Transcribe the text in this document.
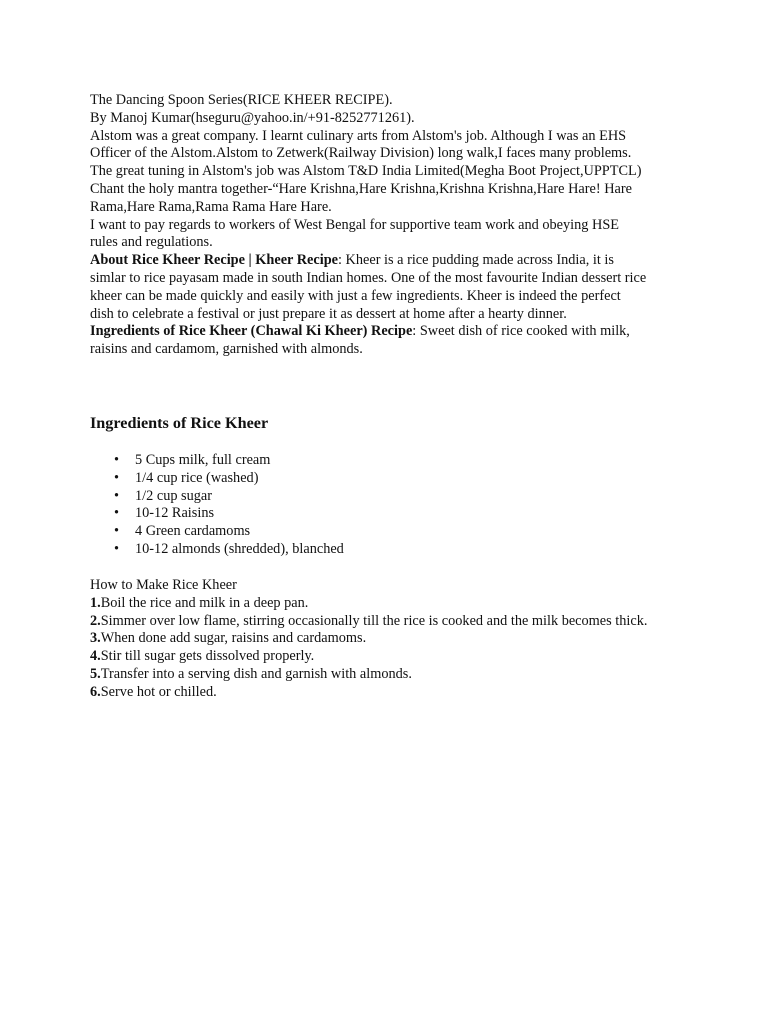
The Dancing Spoon Series(RICE KHEER RECIPE).
By Manoj Kumar(hseguru@yahoo.in/+91-8252771261).
Alstom was a great company. I learnt culinary arts from Alstom's job. Although I was an EHS
Officer of the Alstom.Alstom to Zetwerk(Railway Division) long walk,I faces many problems.
The great tuning in Alstom's job was Alstom T&D India Limited(Megha Boot Project,UPPTCL)
Chant the holy mantra together-“Hare Krishna,Hare Krishna,Krishna Krishna,Hare Hare! Hare
Rama,Hare Rama,Rama Rama Hare Hare.
I want to pay regards to workers of West Bengal for supportive team work and obeying HSE
rules and regulations.
About Rice Kheer Recipe | Kheer Recipe: Kheer is a rice pudding made across India, it is
simlar to rice payasam made in south Indian homes. One of the most favourite Indian dessert rice
kheer can be made quickly and easily with just a few ingredients. Kheer is indeed the perfect
dish to celebrate a festival or just prepare it as dessert at home after a hearty dinner.
Ingredients of Rice Kheer (Chawal Ki Kheer) Recipe: Sweet dish of rice cooked with milk,
raisins and cardamom, garnished with almonds.
Ingredients of Rice Kheer
• 5 Cups milk, full cream
• 1/4 cup rice (washed)
• 1/2 cup sugar
• 10-12 Raisins
• 4 Green cardamoms
• 10-12 almonds (shredded), blanched
How to Make Rice Kheer
1.Boil the rice and milk in a deep pan.
2.Simmer over low flame, stirring occasionally till the rice is cooked and the milk becomes thick.
3.When done add sugar, raisins and cardamoms.
4.Stir till sugar gets dissolved properly.
5.Transfer into a serving dish and garnish with almonds.
6.Serve hot or chilled.
